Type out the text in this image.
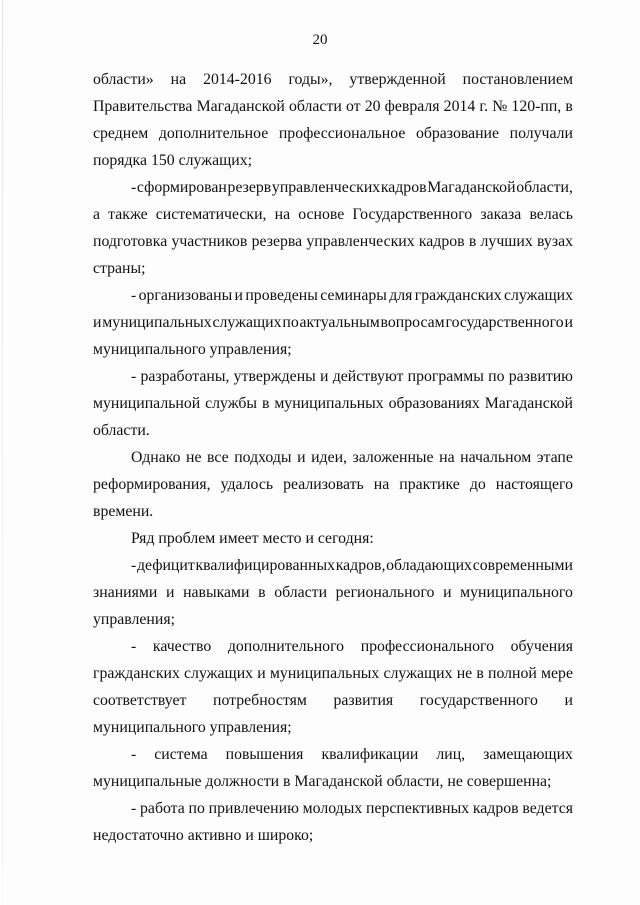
20
области» на 2014-2016 годы», утвержденной постановлением
Правительства Магаданской области от 20 февраля 2014 г. № 120-пп, в
среднем дополнительное профессиональное образование получали
порядка 150 служащих;
- сформирован резерв управленческих кадров Магаданской области,
а также систематически, на основе Государственного заказа велась
подготовка участников резерва управленческих кадров в лучших вузах
страны;
- организованы и проведены семинары для гражданских служащих
и муниципальных служащих по актуальным вопросам государственного и
муниципального управления;
- разработаны, утверждены и действуют программы по развитию
муниципальной службы в муниципальных образованиях Магаданской
области.
Однако не все подходы и идеи, заложенные на начальном этапе
реформирования, удалось реализовать на практике до настоящего
времени.
Ряд проблем имеет место и сегодня:
- дефицит квалифицированных кадров, обладающих современными
знаниями и навыками в области регионального и муниципального
управления;
- качество дополнительного профессионального обучения
гражданских служащих и муниципальных служащих не в полной мере
соответствует потребностям развития государственного и
муниципального управления;
- система повышения квалификации лиц, замещающих
муниципальные должности в Магаданской области, не совершенна;
- работа по привлечению молодых перспективных кадров ведется
недостаточно активно и широко;
